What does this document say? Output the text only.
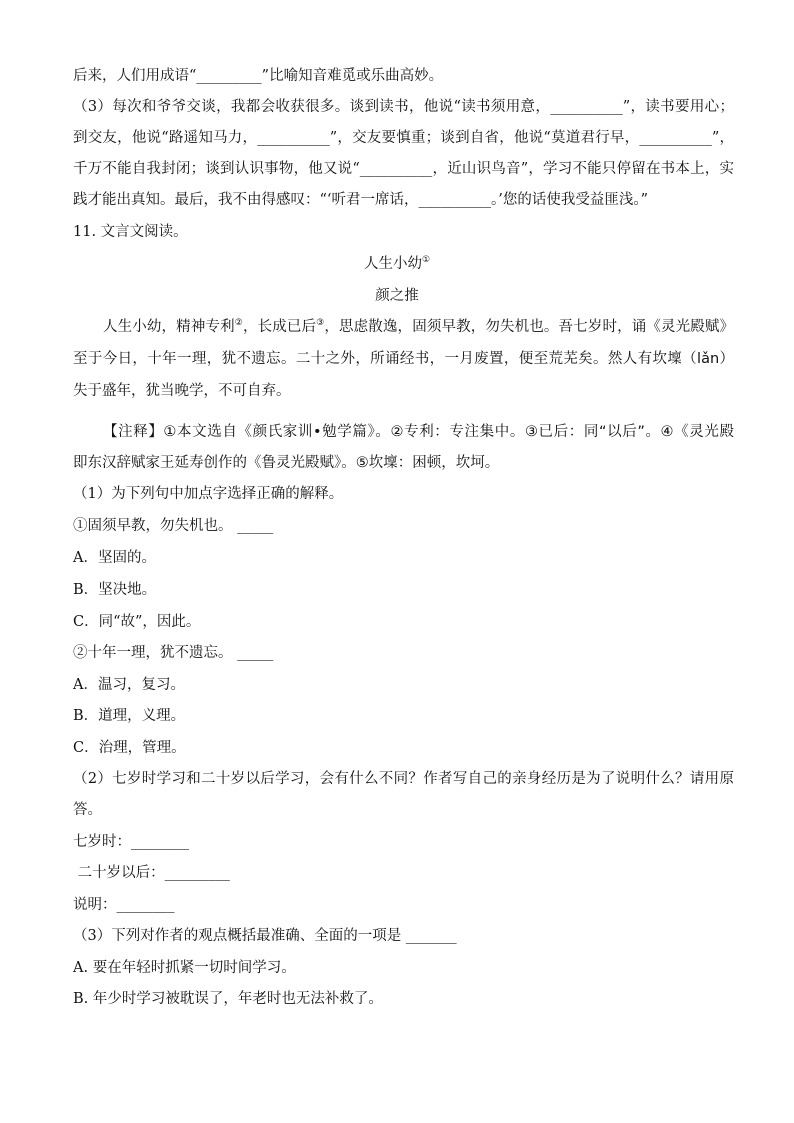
后来，人们用成语“_________”比喻知音难觅或乐曲高妙。
（3）每次和爷爷交谈，我都会收获很多。谈到读书，他说“读书须用意，__________”，读书要用心；
到交友，他说“路遥知马力，__________”，交友要慎重；谈到自省，他说“莫道君行早，__________”，
千万不能自我封闭；谈到认识事物，他又说“__________，近山识鸟音”，学习不能只停留在书本上，实
践才能出真知。最后，我不由得感叹：“‘听君一席话，__________。’您的话使我受益匪浅。”
11. 文言文阅读。
人生小幼①
颜之推
人生小幼，精神专利②，长成已后③，思虑散逸，固须早教，勿失机也。吾七岁时，诵《灵光殿赋》
至于今日，十年一理，犹不遗忘。二十之外，所诵经书，一月废置，便至荒芜矣。然人有坎壈（lǎn）
失于盛年，犹当晚学，不可自弃。
【注释】①本文选自《颜氏家训•勉学篇》。②专利：专注集中。③已后：同“以后”。④《灵光殿
即东汉辞赋家王延寿创作的《鲁灵光殿赋》。⑤坎壈：困顿，坎坷。
（1）为下列句中加点字选择正确的解释。
①固须早教，勿失机也。 _____
A．坚固的。
B．坚决地。
C．同“故”，因此。
②十年一理，犹不遗忘。 _____
A．温习，复习。
B．道理，义理。
C．治理，管理。
（2）七岁时学习和二十岁以后学习，会有什么不同？作者写自己的亲身经历是为了说明什么？请用原
答。
七岁时：________
二十岁以后：_________
说明：________
（3）下列对作者的观点概括最准确、全面的一项是 _______
A. 要在年轻时抓紧一切时间学习。
B. 年少时学习被耽误了，年老时也无法补救了。
